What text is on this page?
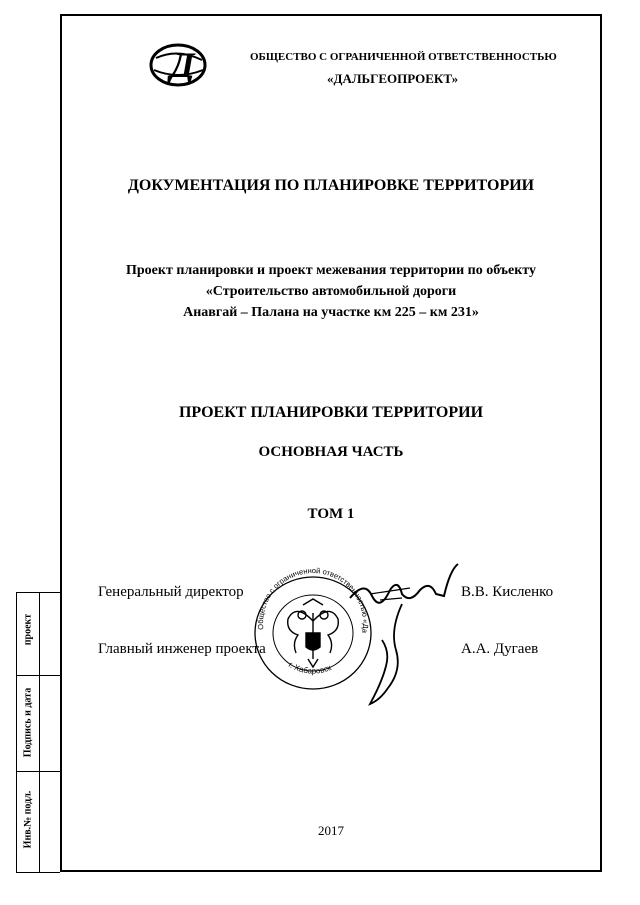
проект
Подпись и дата
Инв.№ подл.
Д	ОБЩЕСТВО С ОГРАНИЧЕННОЙ ОТВЕТСТВЕННОСТЬЮ
«ДАЛЬГЕОПРОЕКТ»
ДОКУМЕНТАЦИЯ ПО ПЛАНИРОВКЕ ТЕРРИТОРИИ
Проект планировки и проект межевания территории по объекту
«Строительство автомобильной дороги
Анавгай – Палана на участке км 225 – км 231»
ПРОЕКТ ПЛАНИРОВКИ ТЕРРИТОРИИ
ОСНОВНАЯ ЧАСТЬ
ТОМ 1
Генеральный директор	В.В. Кисленко
Главный инженер проекта	А.А. Дугаев
Общество с ограниченной ответственностью «Дальгеопроект»
г. Хабаровск
2017
